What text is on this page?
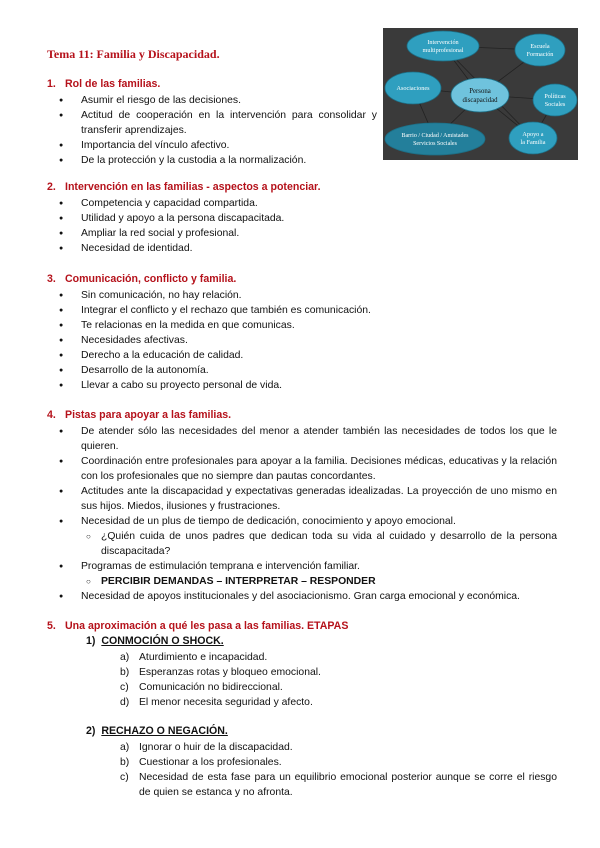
Tema 11: Familia y Discapacidad.
Intervención
multiprofesional
Escuela
Formación
Asociaciones
Políticas
Sociales
Barrio / Ciudad / Amistades
Servicios Sociales
Apoyo a
la Familia
Persona
discapacidad
1. Rol de las familias.
● Asumir el riesgo de las decisiones.
● Actitud de cooperación en la intervención para consolidar y transferir aprendizajes.
● Importancia del vínculo afectivo.
● De la protección y la custodia a la normalización.
2. Intervención en las familias - aspectos a potenciar.
● Competencia y capacidad compartida.
● Utilidad y apoyo a la persona discapacitada.
● Ampliar la red social y profesional.
● Necesidad de identidad.
3. Comunicación, conflicto y familia.
● Sin comunicación, no hay relación.
● Integrar el conflicto y el rechazo que también es comunicación.
● Te relacionas en la medida en que comunicas.
● Necesidades afectivas.
● Derecho a la educación de calidad.
● Desarrollo de la autonomía.
● Llevar a cabo su proyecto personal de vida.
4. Pistas para apoyar a las familias.
● De atender sólo las necesidades del menor a atender también las necesidades de todos los que le quieren.
● Coordinación entre profesionales para apoyar a la familia. Decisiones médicas, educativas y la relación con los profesionales que no siempre dan pautas concordantes.
● Actitudes ante la discapacidad y expectativas generadas idealizadas. La proyección de uno mismo en sus hijos. Miedos, ilusiones y frustraciones.
● Necesidad de un plus de tiempo de dedicación, conocimiento y apoyo emocional.
○ ¿Quién cuida de unos padres que dedican toda su vida al cuidado y desarrollo de la persona discapacitada?
● Programas de estimulación temprana e intervención familiar.
○ PERCIBIR DEMANDAS – INTERPRETAR – RESPONDER
● Necesidad de apoyos institucionales y del asociacionismo. Gran carga emocional y económica.
5. Una aproximación a qué les pasa a las familias. ETAPAS
1) CONMOCIÓN O SHOCK.
a) Aturdimiento e incapacidad.
b) Esperanzas rotas y bloqueo emocional.
c) Comunicación no bidireccional.
d) El menor necesita seguridad y afecto.
2) RECHAZO O NEGACIÓN.
a) Ignorar o huir de la discapacidad.
b) Cuestionar a los profesionales.
c) Necesidad de esta fase para un equilibrio emocional posterior aunque se corre el riesgo de quien se estanca y no afronta.
